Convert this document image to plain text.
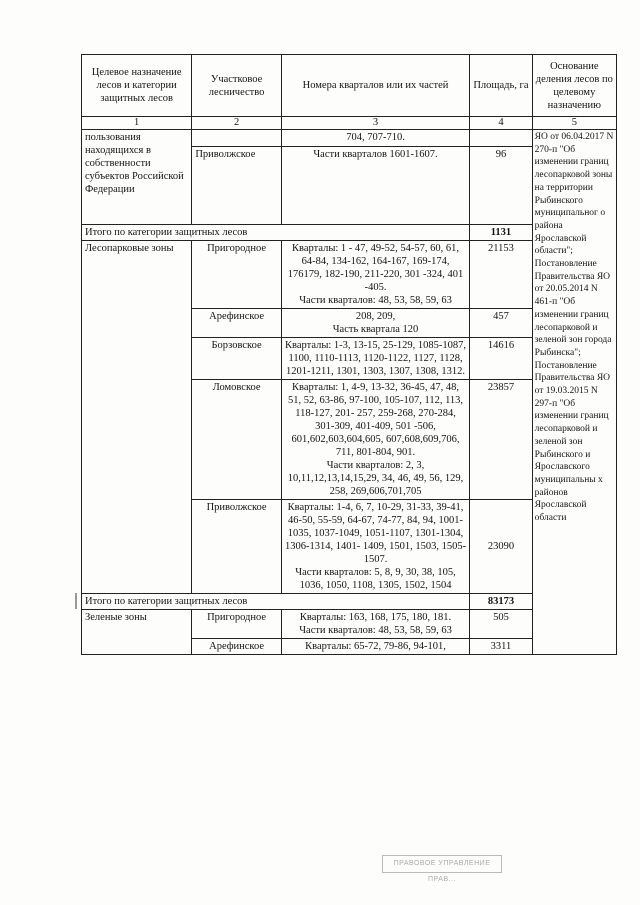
Целевое назначение лесов и категории защитных лесов	Участковое лесничество	Номера кварталов или их частей	Площадь, га	Основание деления лесов по целевому назначению
1	2	3	4	5
пользования находящихся в собственности субъектов Российской Федерации		704, 707-710.		ЯО от 06.04.2017 N 270-п "Об изменении границ лесопарковой зоны на территории Рыбинского муниципальног о района Ярославской области"; Постановление Правительства ЯО от 20.05.2014 N 461-п "Об изменении границ лесопарковой и зеленой зон города Рыбинска"; Постановление Правительства ЯО от 19.03.2015 N 297-п "Об изменении границ лесопарковой и зеленой зон Рыбинского и Ярославского муниципальны х районов Ярославской области
	Приволжское	Части кварталов 1601-1607.	96	
Итого по категории защитных лесов			1131	
Лесопарковые зоны	Пригородное	Кварталы: 1 - 47, 49-52, 54-57, 60, 61, 64-84, 134-162, 164-167, 169-174, 176179, 182-190, 211-220, 301 -324, 401 -405.
Части кварталов: 48, 53, 58, 59, 63	21153	
	Арефинское	208, 209,
Часть квартала 120	457	
	Борзовское	Кварталы: 1-3, 13-15, 25-129, 1085-1087, 1100, 1110-1113, 1120-1122, 1127, 1128, 1201-1211, 1301, 1303, 1307, 1308, 1312.	14616	
	Ломовское	Кварталы: 1, 4-9, 13-32, 36-45, 47, 48, 51, 52, 63-86, 97-100, 105-107, 112, 113, 118-127, 201- 257, 259-268, 270-284, 301-309, 401-409, 501 -506, 601,602,603,604,605, 607,608,609,706, 711, 801-804, 901.
Части кварталов: 2, 3, 10,11,12,13,14,15,29, 34, 46, 49, 56, 129, 258, 269,606,701,705	23857	
	Приволжское	Кварталы: 1-4, 6, 7, 10-29, 31-33, 39-41, 46-50, 55-59, 64-67, 74-77, 84, 94, 1001-1035, 1037-1049, 1051-1107, 1301-1304, 1306-1314, 1401- 1409, 1501, 1503, 1505-1507.
Части кварталов: 5, 8, 9, 30, 38, 105, 1036, 1050, 1108, 1305, 1502, 1504	23090	
Итого по категории защитных лесов			83173	
Зеленые зоны	Пригородное	Кварталы: 163, 168, 175, 180, 181.
Части кварталов: 48, 53, 58, 59, 63	505	
	Арефинское	Кварталы: 65-72, 79-86, 94-101,	3311	
ПРАВОВОЕ УПРАВЛЕНИЕ ПРАВ...
